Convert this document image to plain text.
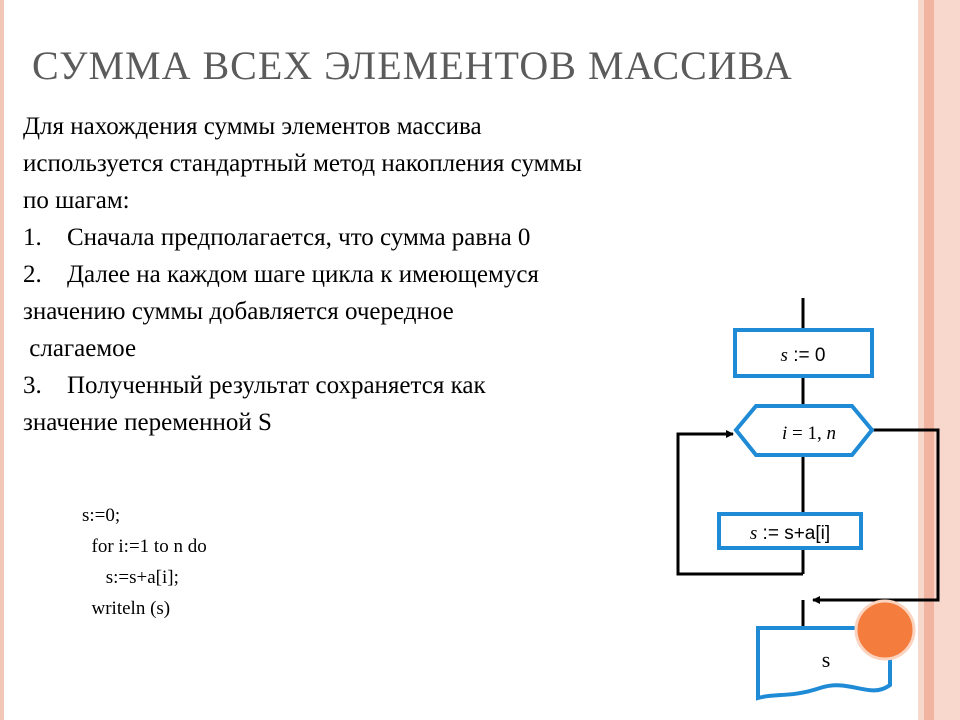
СУММА ВСЕХ ЭЛЕМЕНТОВ МАССИВА
Для нахождения суммы элементов массива
используется стандартный метод накопления суммы
по шагам:
1. Сначала предполагается, что сумма равна 0
2. Далее на каждом шаге цикла к имеющемуся
значению суммы добавляется очередное
слагаемое
3. Полученный результат сохраняется как
значение переменной S
s:=0;
for i:=1 to n do
s:=s+a[i];
writeln (s)
s := 0
i = 1, n
s := s+a[i]
s
